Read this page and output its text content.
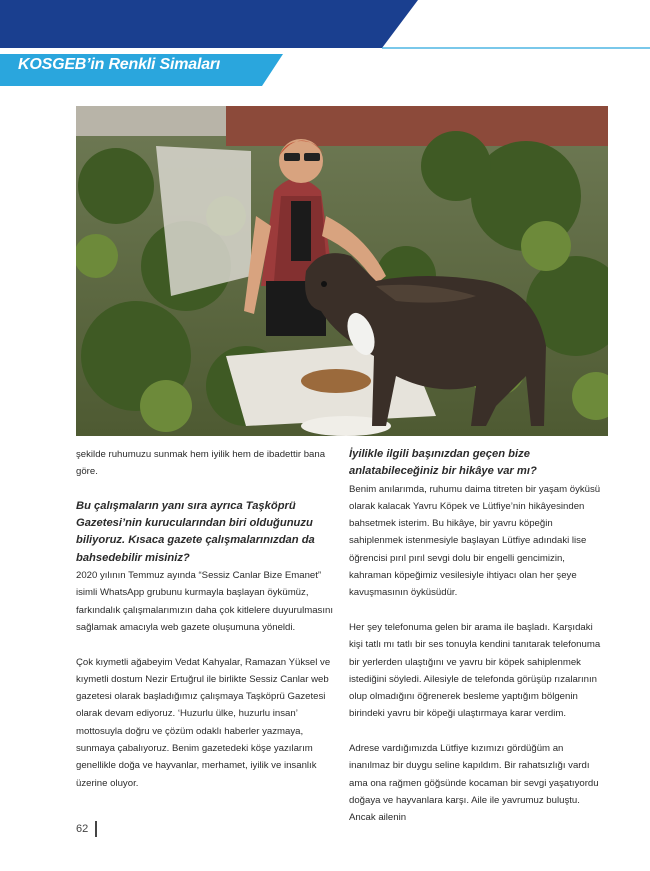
KOSGEB’in Renkli Simaları

şekilde ruhumuzu sunmak hem iyilik hem de ibadettir bana göre.

Bu çalışmaların yanı sıra ayrıca Taşköprü Gazetesi’nin kurucularından biri olduğunuzu biliyoruz. Kısaca gazete çalışmalarınızdan da bahsedebilir misiniz?

2020 yılının Temmuz ayında “Sessiz Canlar Bize Emanet” isimli WhatsApp grubunu kurmayla başlayan öykümüz, farkındalık çalışmalarımızın daha çok kitlelere duyurulmasını sağlamak amacıyla web gazete oluşumuna yöneldi.

Çok kıymetli ağabeyim Vedat Kahyalar, Ramazan Yüksel ve kıymetli dostum Nezir Ertuğrul ile birlikte Sessiz Canlar web gazetesi olarak başladığımız çalışmaya Taşköprü Gazetesi olarak devam ediyoruz. ‘Huzurlu ülke, huzurlu insan’ mottosuyla doğru ve çözüm odaklı haberler yazmaya, sunmaya çabalıyoruz. Benim gazetedeki köşe yazılarım genellikle doğa ve hayvanlar, merhamet, iyilik ve insanlık üzerine oluyor.

İyilikle ilgili başınızdan geçen bize anlatabileceğiniz bir hikâye var mı?

Benim anılarımda, ruhumu daima titreten bir yaşam öyküsü olarak kalacak Yavru Köpek ve Lütfiye’nin hikâyesinden bahsetmek isterim. Bu hikâye, bir yavru köpeğin sahiplenmek istenmesiyle başlayan Lütfiye adındaki lise öğrencisi pırıl pırıl sevgi dolu bir engelli gencimizin, kahraman köpeğimiz vesilesiyle ihtiyacı olan her şeye kavuşmasının öyküsüdür.

Her şey telefonuma gelen bir arama ile başladı. Karşıdaki kişi tatlı mı tatlı bir ses tonuyla kendini tanıtarak telefonuma bir yerlerden ulaştığını ve yavru bir köpek sahiplenmek istediğini söyledi. Ailesiyle de telefonda görüşüp rızalarının olup olmadığını öğrenerek besleme yaptığım bölgenin birindeki yavru bir köpeği ulaştırmaya karar verdim.

Adrese vardığımızda Lütfiye kızımızı gördüğüm an inanılmaz bir duygu seline kapıldım. Bir rahatsızlığı vardı ama ona rağmen göğsünde kocaman bir sevgi yaşatıyordu doğaya ve hayvanlara karşı. Aile ile yavrumuz buluştu. Ancak ailenin

62
